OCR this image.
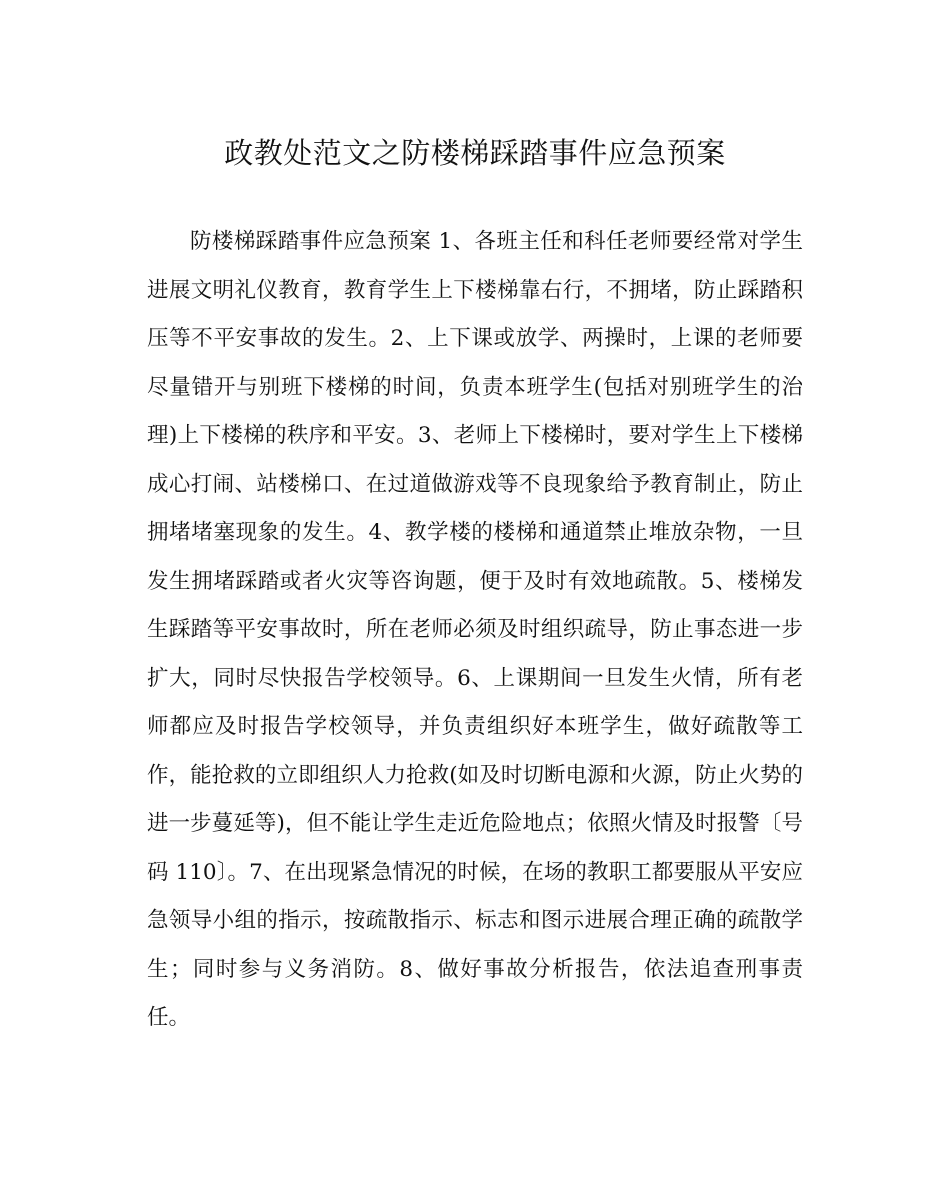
政教处范文之防楼梯踩踏事件应急预案

防楼梯踩踏事件应急预案 1、各班主任和科任老师要经常对学生进展文明礼仪教育，教育学生上下楼梯靠右行，不拥堵，防止踩踏积压等不平安事故的发生。2、上下课或放学、两操时，上课的老师要尽量错开与别班下楼梯的时间，负责本班学生(包括对别班学生的治理)上下楼梯的秩序和平安。3、老师上下楼梯时，要对学生上下楼梯成心打闹、站楼梯口、在过道做游戏等不良现象给予教育制止，防止拥堵堵塞现象的发生。4、教学楼的楼梯和通道禁止堆放杂物，一旦发生拥堵踩踏或者火灾等咨询题，便于及时有效地疏散。5、楼梯发生踩踏等平安事故时，所在老师必须及时组织疏导，防止事态进一步扩大，同时尽快报告学校领导。6、上课期间一旦发生火情，所有老师都应及时报告学校领导，并负责组织好本班学生，做好疏散等工作，能抢救的立即组织人力抢救(如及时切断电源和火源，防止火势的进一步蔓延等)，但不能让学生走近危险地点；依照火情及时报警〔号码 110〕。7、在出现紧急情况的时候，在场的教职工都要服从平安应急领导小组的指示，按疏散指示、标志和图示进展合理正确的疏散学生；同时参与义务消防。8、做好事故分析报告，依法追查刑事责任。
